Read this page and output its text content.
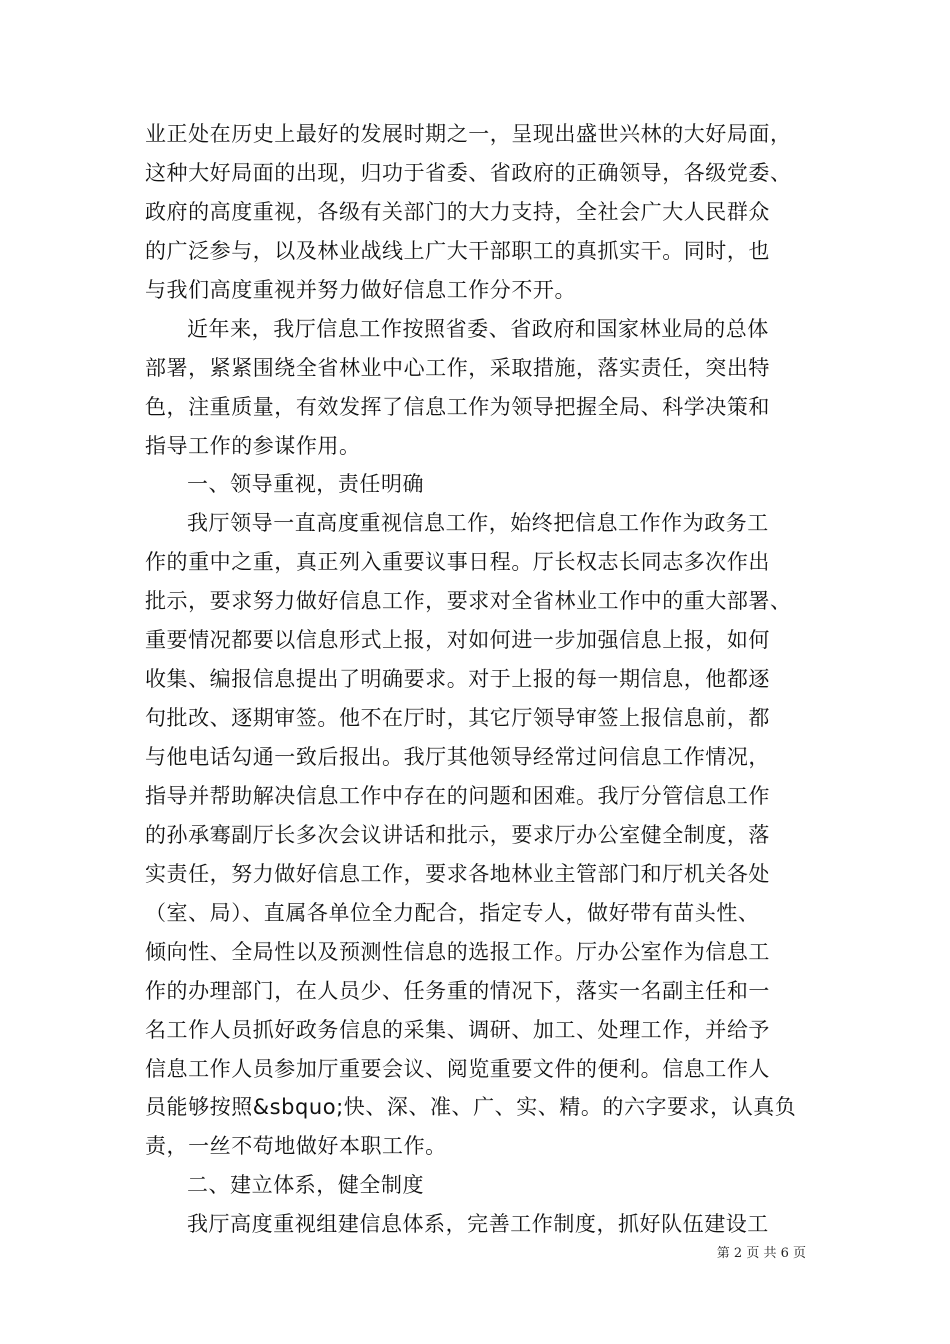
业正处在历史上最好的发展时期之一，呈现出盛世兴林的大好局面，
这种大好局面的出现，归功于省委、省政府的正确领导，各级党委、
政府的高度重视，各级有关部门的大力支持，全社会广大人民群众
的广泛参与，以及林业战线上广大干部职工的真抓实干。同时，也
与我们高度重视并努力做好信息工作分不开。
近年来，我厅信息工作按照省委、省政府和国家林业局的总体
部署，紧紧围绕全省林业中心工作，采取措施，落实责任，突出特
色，注重质量，有效发挥了信息工作为领导把握全局、科学决策和
指导工作的参谋作用。
一、领导重视，责任明确
我厅领导一直高度重视信息工作，始终把信息工作作为政务工
作的重中之重，真正列入重要议事日程。厅长权志长同志多次作出
批示，要求努力做好信息工作，要求对全省林业工作中的重大部署、
重要情况都要以信息形式上报，对如何进一步加强信息上报，如何
收集、编报信息提出了明确要求。对于上报的每一期信息，他都逐
句批改、逐期审签。他不在厅时，其它厅领导审签上报信息前，都
与他电话勾通一致后报出。我厅其他领导经常过问信息工作情况，
指导并帮助解决信息工作中存在的问题和困难。我厅分管信息工作
的孙承骞副厅长多次会议讲话和批示，要求厅办公室健全制度，落
实责任，努力做好信息工作，要求各地林业主管部门和厅机关各处
（室、局）、直属各单位全力配合，指定专人，做好带有苗头性、
倾向性、全局性以及预测性信息的选报工作。厅办公室作为信息工
作的办理部门，在人员少、任务重的情况下，落实一名副主任和一
名工作人员抓好政务信息的采集、调研、加工、处理工作，并给予
信息工作人员参加厅重要会议、阅览重要文件的便利。信息工作人
员能够按照&sbquo;快、深、准、广、实、精。的六字要求，认真负
责，一丝不苟地做好本职工作。
二、建立体系，健全制度
我厅高度重视组建信息体系，完善工作制度，抓好队伍建设工
第 2 页 共 6 页
